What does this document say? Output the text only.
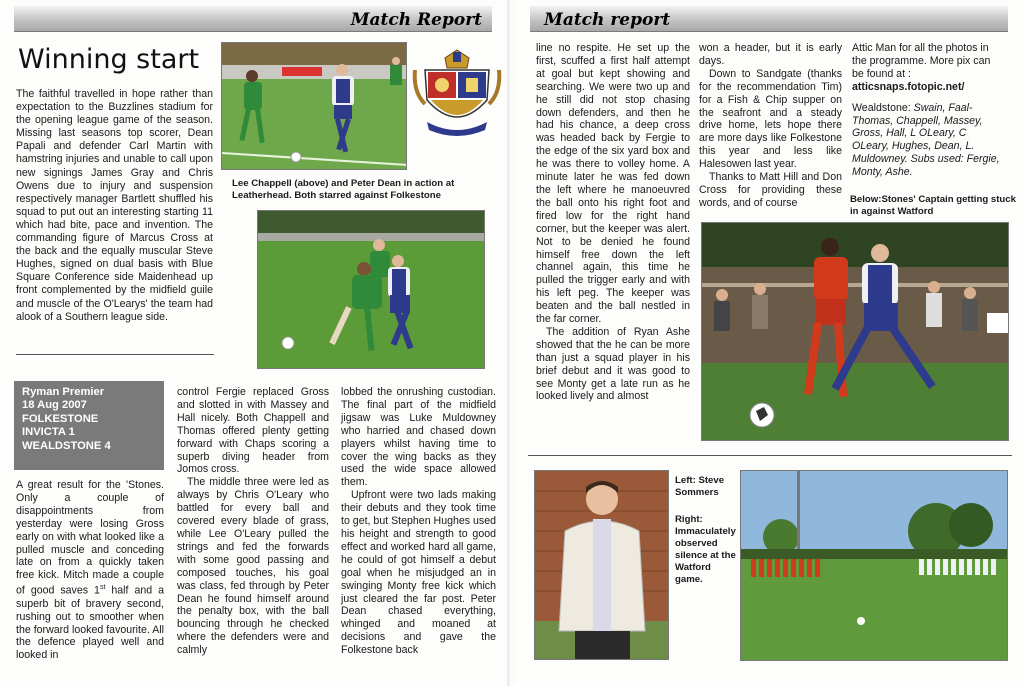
Match Report
Winning start

The faithful travelled in hope rather than expectation to the Buzzlines stadium for the opening league game of the season. Missing last seasons top scorer, Dean Papali and defender Carl Martin with hamstring injuries and unable to call upon new signings James Gray and Chris Owens due to injury and suspension respectively manager Bartlett shuffled his squad to put out an interesting starting 11 which had bite, pace and invention. The commanding figure of Marcus Cross at the back and the equally muscular Steve Hughes, signed on dual basis with Blue Square Conference side Maidenhead up front complemented by the midfield guile and muscle of the O'Learys' the team had alook of a Southern league side.

Lee Chappell (above) and Peter Dean in action at Leatherhead. Both starred against Folkestone
Ryman Premier
18 Aug 2007
FOLKESTONE
INVICTA 1
WEALDSTONE 4

A great result for the 'Stones. Only a couple of disappointments from yesterday were losing Gross early on with what looked like a pulled muscle and conceding late on from a quickly taken free kick. Mitch made a couple of good saves 1st half and a superb bit of bravery second, rushing out to smoother when the forward looked favourite. All the defence played well and looked in

control Fergie replaced Gross and slotted in with Massey and Hall nicely. Both Chappell and Thomas offered plenty getting forward with Chaps scoring a superb diving header from Jomos cross.

The middle three were led as always by Chris O'Leary who battled for every ball and covered every blade of grass, while Lee O'Leary pulled the strings and fed the forwards with some good passing and composed touches, his goal was class, fed through by Peter Dean he found himself around the penalty box, with the ball bouncing through he checked where the defenders were and calmly

lobbed the onrushing custodian. The final part of the midfield jigsaw was Luke Muldowney who harried and chased down players whilst having time to cover the wing backs as they used the wide space allowed them.

Upfront were two lads making their debuts and they took time to get, but Stephen Hughes used his height and strength to good effect and worked hard all game, he could of got himself a debut goal when he misjudged an in swinging Monty free kick which just cleared the far post. Peter Dean chased everything, whinged and moaned at decisions and gave the Folkestone back

Match report

line no respite. He set up the first, scuffed a first half attempt at goal but kept showing and searching. We were two up and he still did not stop chasing down defenders, and then he had his chance, a deep cross was headed back by Fergie to the edge of the six yard box and he was there to volley home. A minute later he was fed down the left where he manoeuvred the ball onto his right foot and fired low for the right hand corner, but the keeper was alert. Not to be denied he found himself free down the left channel again, this time he pulled the trigger early and with his left peg. The keeper was beaten and the ball nestled in the far corner.

The addition of Ryan Ashe showed that the he can be more than just a squad player in his brief debut and it was good to see Monty get a late run as he looked lively and almost

won a header, but it is early days.

Down to Sandgate (thanks for the recommendation Tim) for a Fish & Chip supper on the seafront and a steady drive home, lets hope there are more days like Folkestone this year and less like Halesowen last year.

Thanks to Matt Hill and Don Cross for providing these words, and of course

Attic Man for all the photos in the programme. More pix can be found at : atticsnaps.fotopic.net/

Wealdstone: Swain, Faal-Thomas, Chappell, Massey, Gross, Hall, L OLeary, C OLeary, Hughes, Dean, L. Muldowney. Subs used: Fergie, Monty, Ashe.

Below:Stones' Captain getting stuck in against Watford
Left: Steve Sommers
Right: Immaculately observed silence at the Watford game.
